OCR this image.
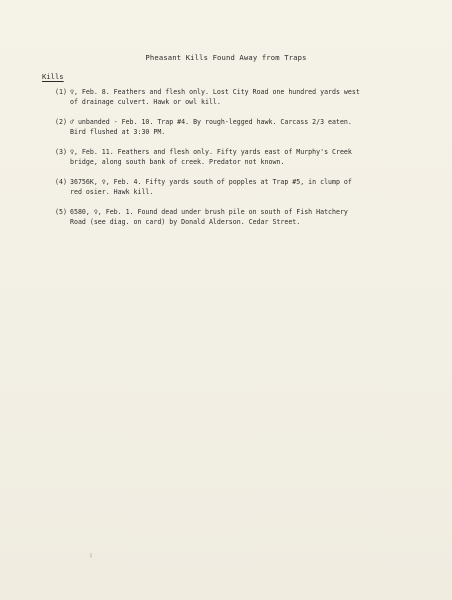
Pheasant Kills Found Away from Traps
Kills
(1) ♀, Feb. 8. Feathers and flesh only. Lost City Road one hundred yards west
of drainage culvert. Hawk or owl kill.
(2) ♂ unbanded - Feb. 10. Trap #4. By rough-legged hawk. Carcass 2/3 eaten.
Bird flushed at 3:30 PM.
(3) ♀, Feb. 11. Feathers and flesh only. Fifty yards east of Murphy's Creek
bridge, along south bank of creek. Predator not known.
(4) 36756K, ♀, Feb. 4. Fifty yards south of popples at Trap #5, in clump of
red osier. Hawk kill.
(5) 6580, ♀, Feb. 1. Found dead under brush pile on south of Fish Hatchery
Road (see diag. on card) by Donald Alderson. Cedar Street.
